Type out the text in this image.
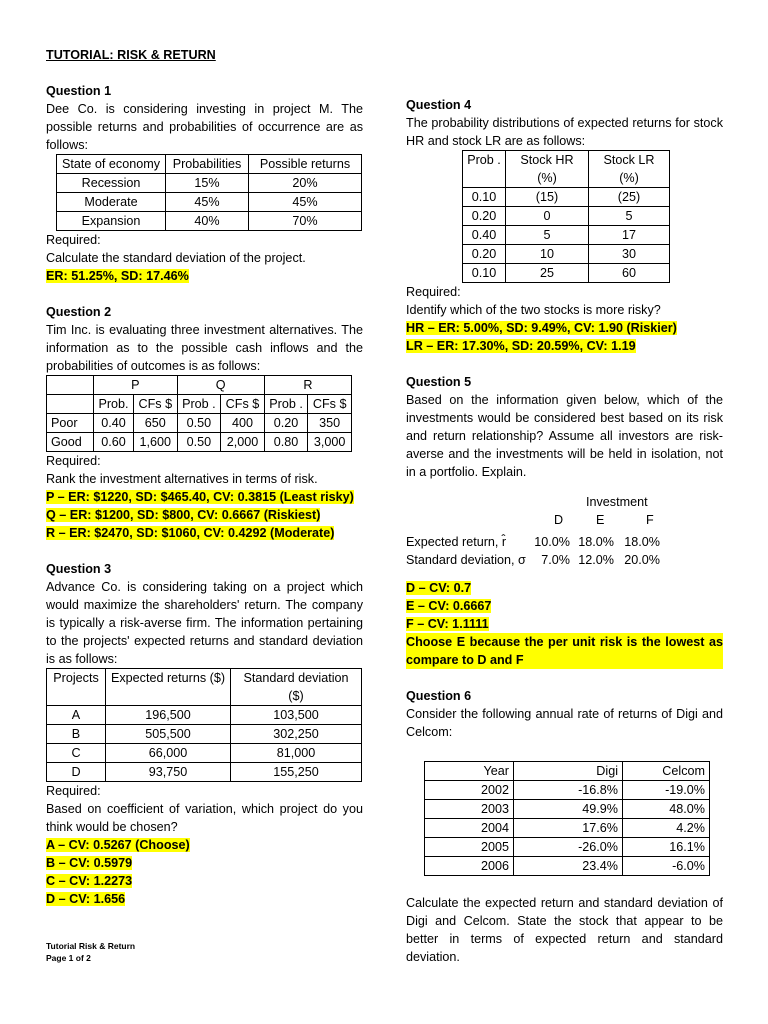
TUTORIAL: RISK & RETURN

Question 1

Dee Co. is considering investing in project M. The possible returns and probabilities of occurrence are as follows:

State of economy	Probabilities	Possible returns
Recession	15%	20%
Moderate	45%	45%
Expansion	40%	70%

Required:

Calculate the standard deviation of the project.

ER: 51.25%, SD: 17.46%

Question 2

Tim Inc. is evaluating three investment alternatives. The information as to the possible cash inflows and the probabilities of outcomes is as follows:

	P		Q		R	
	Prob.	CFs $	Prob .	CFs $	Prob .	CFs $
Poor	0.40	650	0.50	400	0.20	350
Good	0.60	1,600	0.50	2,000	0.80	3,000

Required:

Rank the investment alternatives in terms of risk.

P – ER: $1220, SD: $465.40, CV: 0.3815 (Least risky)

Q – ER: $1200, SD: $800, CV: 0.6667 (Riskiest)

R – ER: $2470, SD: $1060, CV: 0.4292 (Moderate)

Question 3

Advance Co. is considering taking on a project which would maximize the shareholders' return. The company is typically a risk-averse firm. The information pertaining to the projects' expected returns and standard deviation is as follows:

Projects	Expected returns ($)	Standard deviation ($)
A	196,500	103,500
B	505,500	302,250
C	66,000	81,000
D	93,750	155,250

Required:

Based on coefficient of variation, which project do you think would be chosen?

A – CV: 0.5267 (Choose)

B – CV: 0.5979

C – CV: 1.2273

D – CV: 1.656

Question 4

The probability distributions of expected returns for stock HR and stock LR are as follows:

Prob .	Stock HR (%)	Stock LR (%)
0.10	(15)	(25)
0.20	0	5
0.40	5	17
0.20	10	30
0.10	25	60

Required:

Identify which of the two stocks is more risky?

HR – ER: 5.00%, SD: 9.49%, CV: 1.90 (Riskier)

LR – ER: 17.30%, SD: 20.59%, CV: 1.19

Question 5

Based on the information given below, which of the investments would be considered best based on its risk and return relationship? Assume all investors are risk-averse and the investments will be held in isolation, not in a portfolio. Explain.

Investment
D	E	F
Expected return, r̂	10.0% 18.0% 18.0%
Standard deviation, σ	7.0% 12.0% 20.0%

D – CV: 0.7

E – CV: 0.6667

F – CV: 1.1111

Choose E because the per unit risk is the lowest as compare to D and F

Question 6

Consider the following annual rate of returns of Digi and Celcom:

Year	Digi	Celcom
2002	-16.8%	-19.0%
2003	49.9%	48.0%
2004	17.6%	4.2%
2005	-26.0%	16.1%
2006	23.4%	-6.0%

Calculate the expected return and standard deviation of Digi and Celcom. State the stock that appear to be better in terms of expected return and standard deviation.

Tutorial Risk & Return
Page 1 of 2
